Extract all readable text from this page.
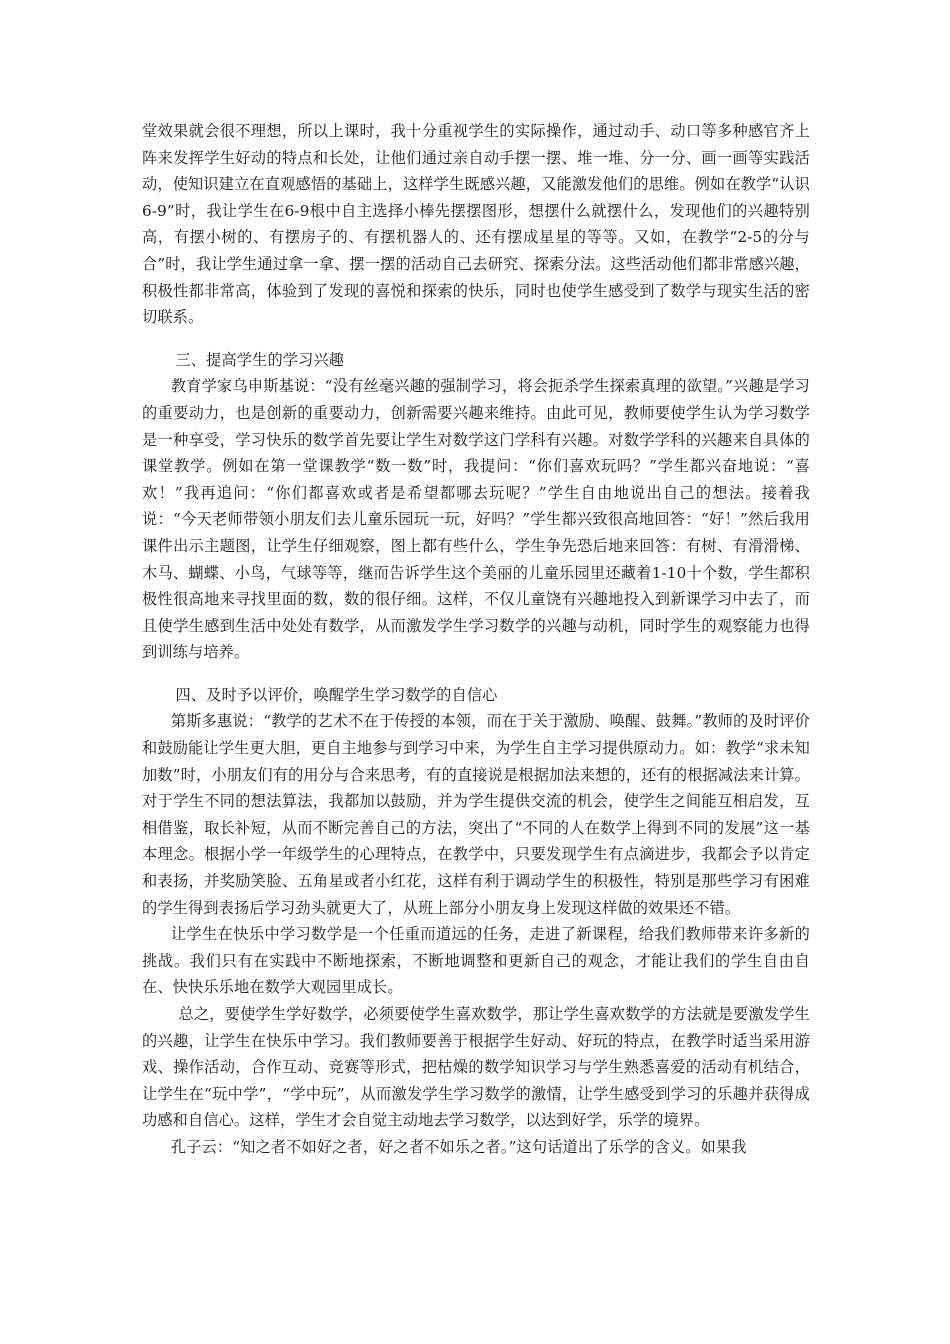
堂效果就会很不理想，所以上课时，我十分重视学生的实际操作，通过动手、动口等多种感官齐上阵来发挥学生好动的特点和长处，让他们通过亲自动手摆一摆、堆一堆、分一分、画一画等实践活动，使知识建立在直观感悟的基础上，这样学生既感兴趣，又能激发他们的思维。例如在教学“认识6-9”时，我让学生在6-9根中自主选择小棒先摆摆图形，想摆什么就摆什么，发现他们的兴趣特别高，有摆小树的、有摆房子的、有摆机器人的、还有摆成星星的等等。又如，在教学“2-5的分与合”时，我让学生通过拿一拿、摆一摆的活动自己去研究、探索分法。这些活动他们都非常感兴趣，积极性都非常高，体验到了发现的喜悦和探索的快乐，同时也使学生感受到了数学与现实生活的密切联系。

三、提高学生的学习兴趣

教育学家乌申斯基说：“没有丝毫兴趣的强制学习，将会扼杀学生探索真理的欲望。”兴趣是学习的重要动力，也是创新的重要动力，创新需要兴趣来维持。由此可见，教师要使学生认为学习数学是一种享受，学习快乐的数学首先要让学生对数学这门学科有兴趣。对数学学科的兴趣来自具体的课堂教学。例如在第一堂课教学“数一数”时，我提问：“你们喜欢玩吗？”学生都兴奋地说：“喜欢！”我再追问：“你们都喜欢或者是希望都哪去玩呢？”学生自由地说出自己的想法。接着我说：“今天老师带领小朋友们去儿童乐园玩一玩，好吗？”学生都兴致很高地回答：“好！”然后我用课件出示主题图，让学生仔细观察，图上都有些什么，学生争先恐后地来回答：有树、有滑滑梯、木马、蝴蝶、小鸟，气球等等，继而告诉学生这个美丽的儿童乐园里还藏着1-10十个数，学生都积极性很高地来寻找里面的数，数的很仔细。这样，不仅儿童饶有兴趣地投入到新课学习中去了，而且使学生感到生活中处处有数学，从而激发学生学习数学的兴趣与动机，同时学生的观察能力也得到训练与培养。

四、及时予以评价，唤醒学生学习数学的自信心

第斯多惠说：“教学的艺术不在于传授的本领，而在于关于激励、唤醒、鼓舞。”教师的及时评价和鼓励能让学生更大胆，更自主地参与到学习中来，为学生自主学习提供原动力。如：教学“求未知加数”时，小朋友们有的用分与合来思考，有的直接说是根据加法来想的，还有的根据减法来计算。对于学生不同的想法算法，我都加以鼓励，并为学生提供交流的机会，使学生之间能互相启发，互相借鉴，取长补短，从而不断完善自己的方法，突出了“不同的人在数学上得到不同的发展”这一基本理念。根据小学一年级学生的心理特点，在教学中，只要发现学生有点滴进步，我都会予以肯定和表扬，并奖励笑脸、五角星或者小红花，这样有利于调动学生的积极性，特别是那些学习有困难的学生得到表扬后学习劲头就更大了，从班上部分小朋友身上发现这样做的效果还不错。

让学生在快乐中学习数学是一个任重而道远的任务，走进了新课程，给我们教师带来许多新的挑战。我们只有在实践中不断地探索，不断地调整和更新自己的观念，才能让我们的学生自由自在、快快乐乐地在数学大观园里成长。

总之，要使学生学好数学，必须要使学生喜欢数学，那让学生喜欢数学的方法就是要激发学生的兴趣，让学生在快乐中学习。我们教师要善于根据学生好动、好玩的特点，在教学时适当采用游戏、操作活动，合作互动、竞赛等形式，把枯燥的数学知识学习与学生熟悉喜爱的活动有机结合，让学生在“玩中学”，“学中玩”，从而激发学生学习数学的激情，让学生感受到学习的乐趣并获得成功感和自信心。这样，学生才会自觉主动地去学习数学，以达到好学，乐学的境界。

孔子云：“知之者不如好之者，好之者不如乐之者。”这句话道出了乐学的含义。如果我
